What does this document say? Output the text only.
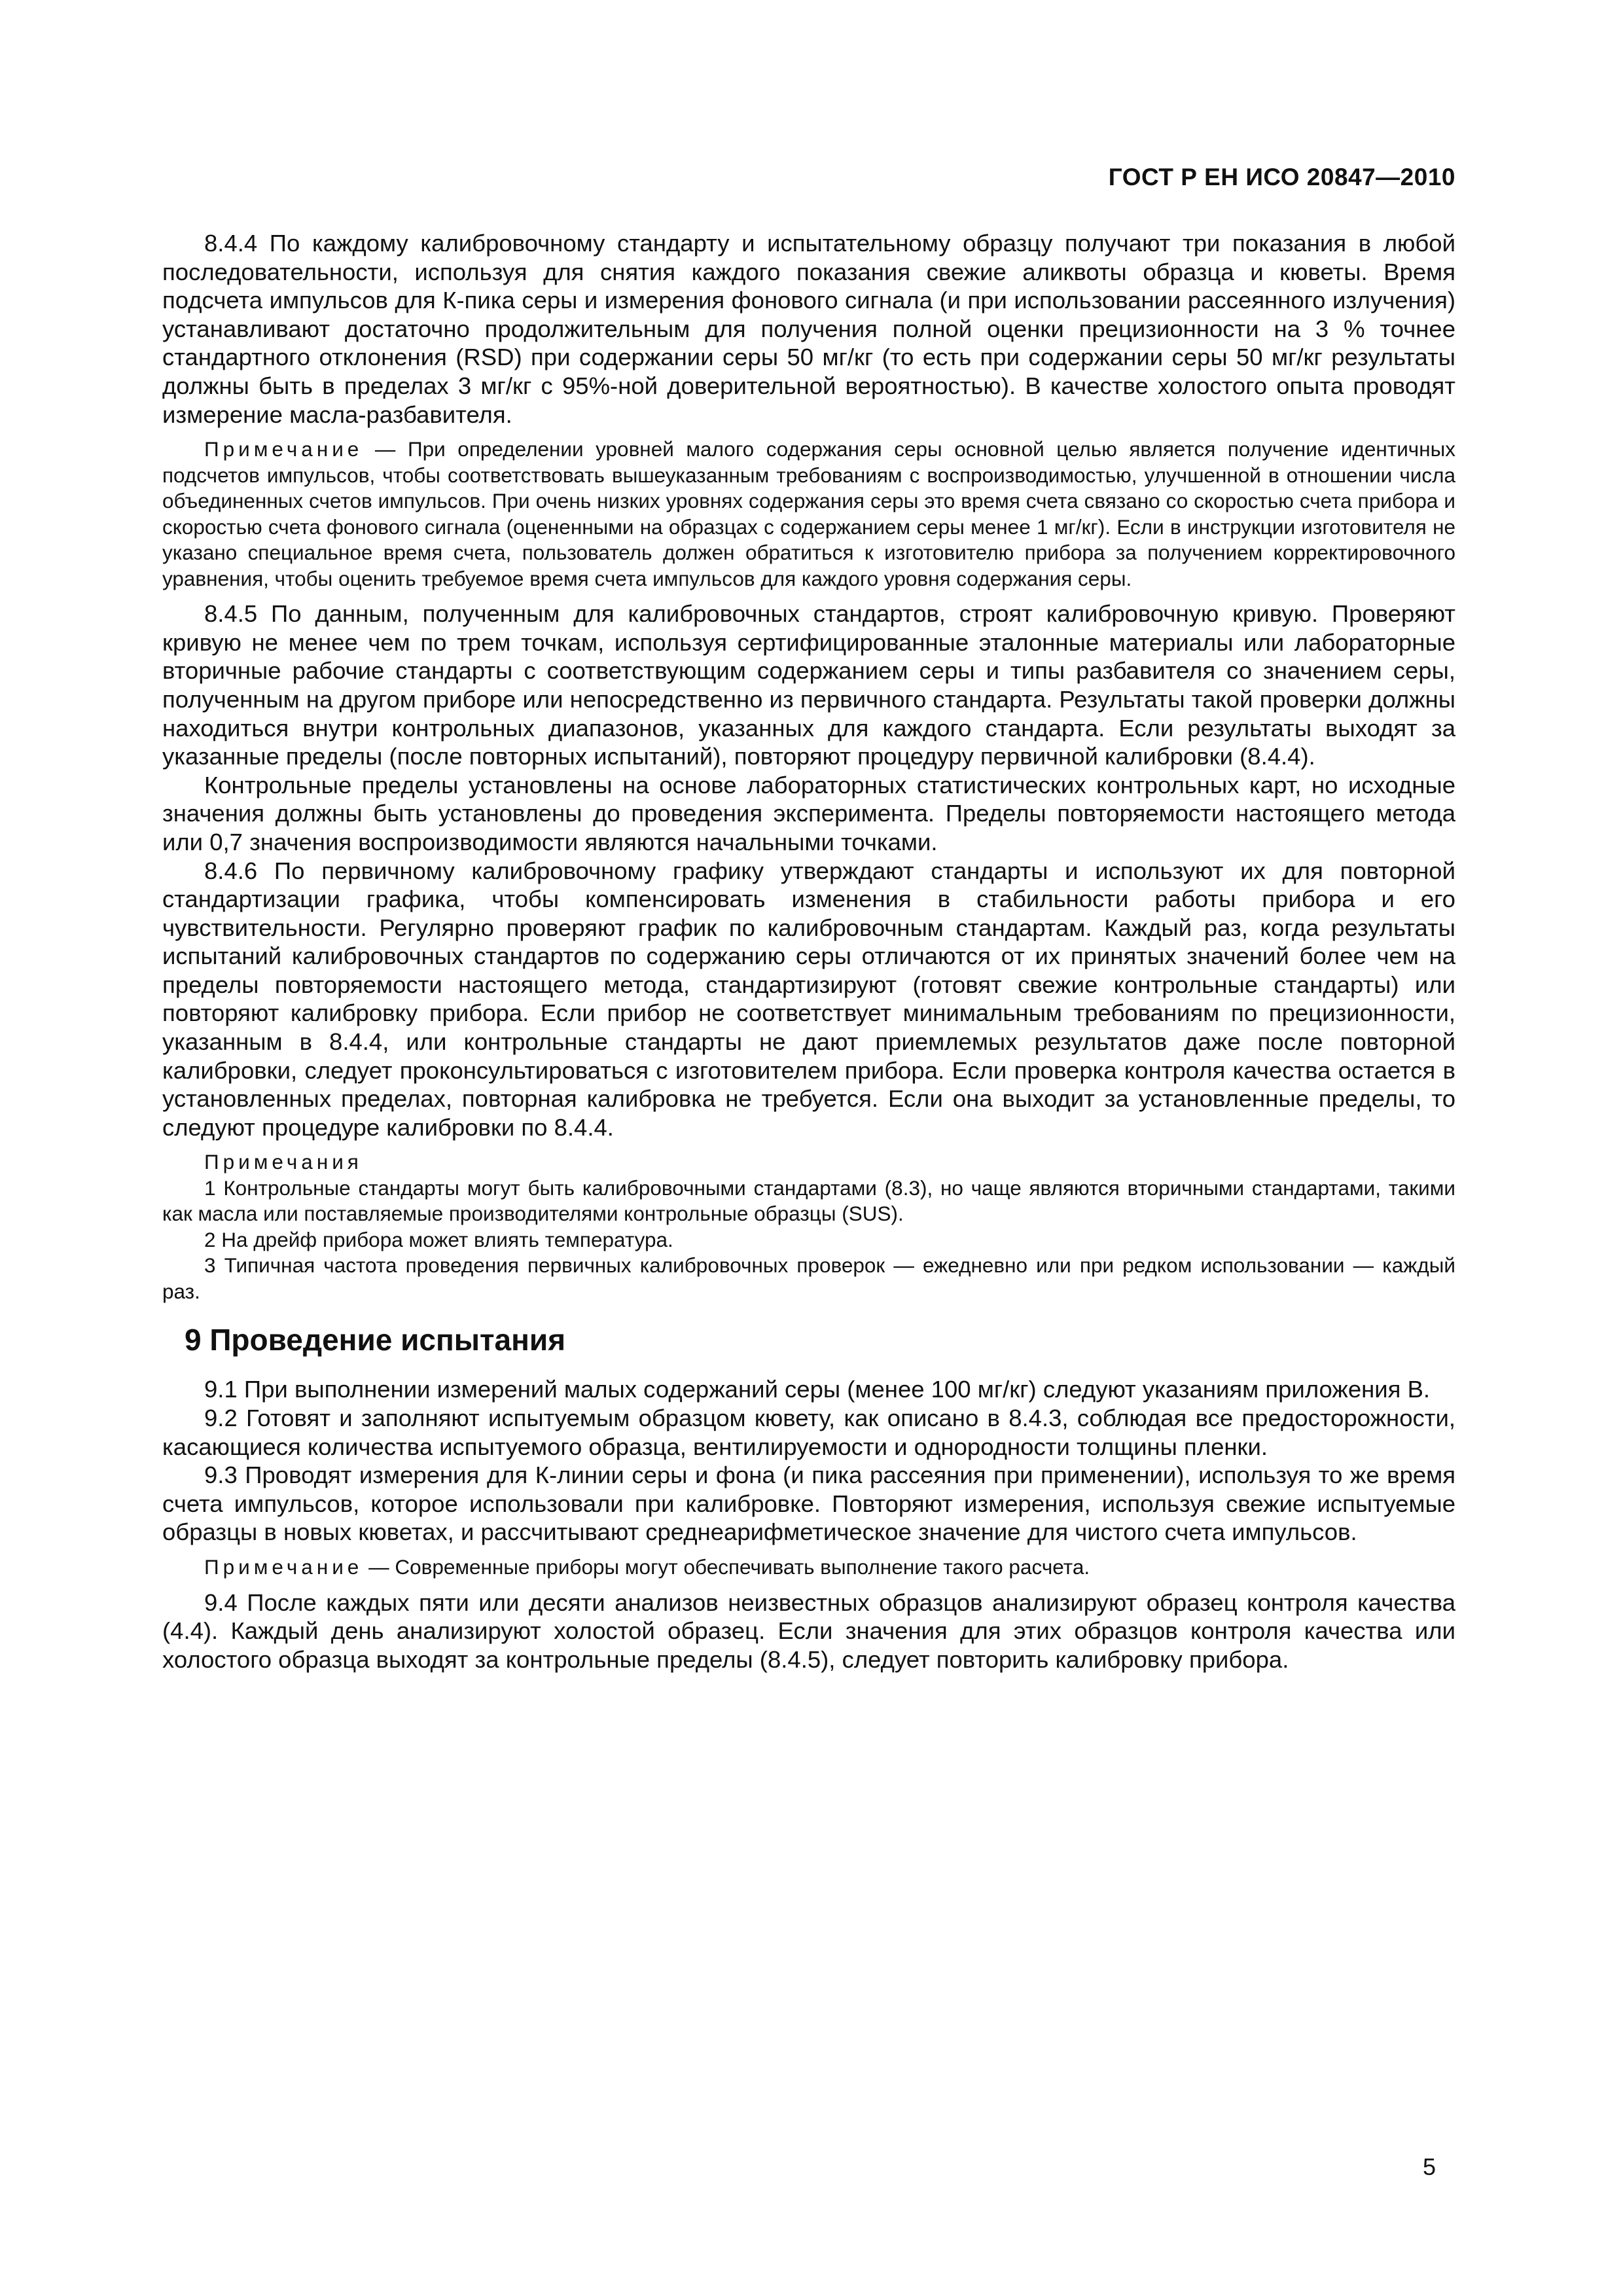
ГОСТ Р ЕН ИСО 20847—2010

8.4.4 По каждому калибровочному стандарту и испытательному образцу получают три показания в любой последовательности, используя для снятия каждого показания свежие аликвоты образца и кюветы. Время подсчета импульсов для К-пика серы и измерения фонового сигнала (и при использовании рассеянного излучения) устанавливают достаточно продолжительным для получения полной оценки прецизионности на 3 % точнее стандартного отклонения (RSD) при содержании серы 50 мг/кг (то есть при содержании серы 50 мг/кг результаты должны быть в пределах 3 мг/кг с 95%-ной доверительной вероятностью). В качестве холостого опыта проводят измерение масла-разбавителя.

Примечание — При определении уровней малого содержания серы основной целью является получение идентичных подсчетов импульсов, чтобы соответствовать вышеуказанным требованиям с воспроизводимостью, улучшенной в отношении числа объединенных счетов импульсов. При очень низких уровнях содержания серы это время счета связано со скоростью счета прибора и скоростью счета фонового сигнала (оцененными на образцах с содержанием серы менее 1 мг/кг). Если в инструкции изготовителя не указано специальное время счета, пользователь должен обратиться к изготовителю прибора за получением корректировочного уравнения, чтобы оценить требуемое время счета импульсов для каждого уровня содержания серы.

8.4.5 По данным, полученным для калибровочных стандартов, строят калибровочную кривую. Проверяют кривую не менее чем по трем точкам, используя сертифицированные эталонные материалы или лабораторные вторичные рабочие стандарты с соответствующим содержанием серы и типы разбавителя со значением серы, полученным на другом приборе или непосредственно из первичного стандарта. Результаты такой проверки должны находиться внутри контрольных диапазонов, указанных для каждого стандарта. Если результаты выходят за указанные пределы (после повторных испытаний), повторяют процедуру первичной калибровки (8.4.4).

Контрольные пределы установлены на основе лабораторных статистических контрольных карт, но исходные значения должны быть установлены до проведения эксперимента. Пределы повторяемости настоящего метода или 0,7 значения воспроизводимости являются начальными точками.

8.4.6 По первичному калибровочному графику утверждают стандарты и используют их для повторной стандартизации графика, чтобы компенсировать изменения в стабильности работы прибора и его чувствительности. Регулярно проверяют график по калибровочным стандартам. Каждый раз, когда результаты испытаний калибровочных стандартов по содержанию серы отличаются от их принятых значений более чем на пределы повторяемости настоящего метода, стандартизируют (готовят свежие контрольные стандарты) или повторяют калибровку прибора. Если прибор не соответствует минимальным требованиям по прецизионности, указанным в 8.4.4, или контрольные стандарты не дают приемлемых результатов даже после повторной калибровки, следует проконсультироваться с изготовителем прибора. Если проверка контроля качества остается в установленных пределах, повторная калибровка не требуется. Если она выходит за установленные пределы, то следуют процедуре калибровки по 8.4.4.

Примечания

1 Контрольные стандарты могут быть калибровочными стандартами (8.3), но чаще являются вторичными стандартами, такими как масла или поставляемые производителями контрольные образцы (SUS).

2 На дрейф прибора может влиять температура.

3 Типичная частота проведения первичных калибровочных проверок — ежедневно или при редком использовании — каждый раз.

9 Проведение испытания

9.1 При выполнении измерений малых содержаний серы (менее 100 мг/кг) следуют указаниям приложения В.

9.2 Готовят и заполняют испытуемым образцом кювету, как описано в 8.4.3, соблюдая все предосторожности, касающиеся количества испытуемого образца, вентилируемости и однородности толщины пленки.

9.3 Проводят измерения для К-линии серы и фона (и пика рассеяния при применении), используя то же время счета импульсов, которое использовали при калибровке. Повторяют измерения, используя свежие испытуемые образцы в новых кюветах, и рассчитывают среднеарифметическое значение для чистого счета импульсов.

Примечание — Современные приборы могут обеспечивать выполнение такого расчета.

9.4 После каждых пяти или десяти анализов неизвестных образцов анализируют образец контроля качества (4.4). Каждый день анализируют холостой образец. Если значения для этих образцов контроля качества или холостого образца выходят за контрольные пределы (8.4.5), следует повторить калибровку прибора.

5
